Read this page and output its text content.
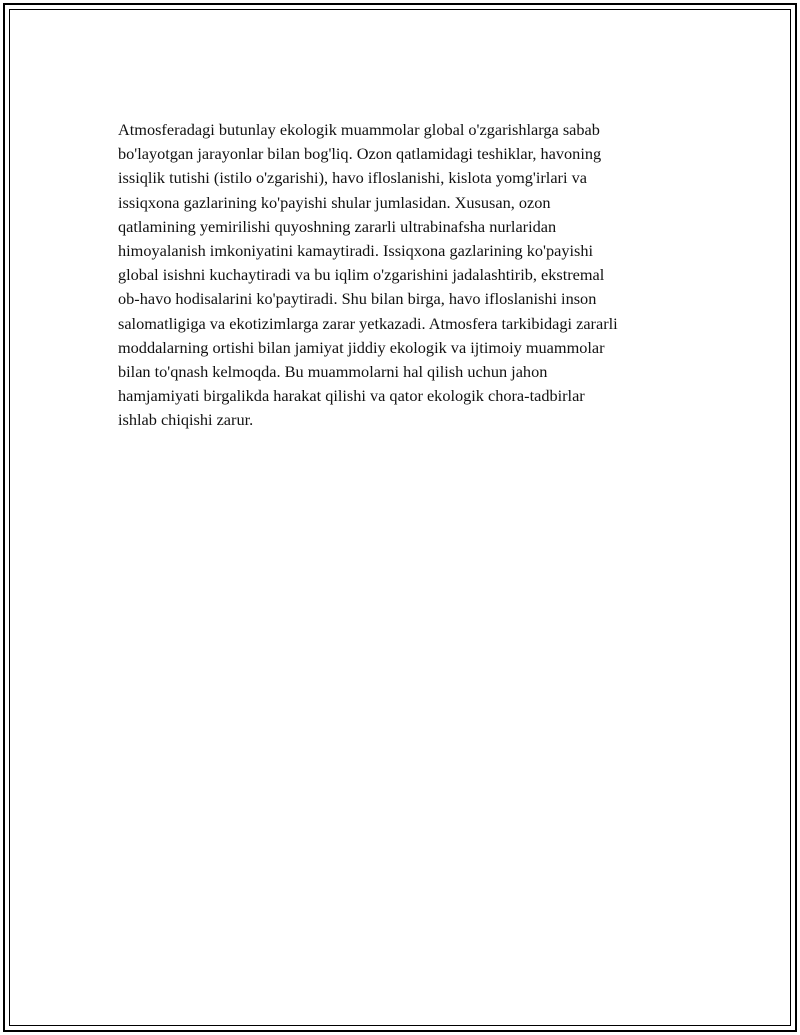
Atmosferadagi butunlay ekologik muammolar global o'zgarishlarga sabab
bo'layotgan jarayonlar bilan bog'liq. Ozon qatlamidagi teshiklar, havoning
issiqlik tutishi (istilo o'zgarishi), havo ifloslanishi, kislota yomg'irlari va
issiqxona gazlarining ko'payishi shular jumlasidan. Xususan, ozon
qatlamining yemirilishi quyoshning zararli ultrabinafsha nurlaridan
himoyalanish imkoniyatini kamaytiradi. Issiqxona gazlarining ko'payishi
global isishni kuchaytiradi va bu iqlim o'zgarishini jadalashtirib, ekstremal
ob-havo hodisalarini ko'paytiradi. Shu bilan birga, havo ifloslanishi inson
salomatligiga va ekotizimlarga zarar yetkazadi. Atmosfera tarkibidagi zararli
moddalarning ortishi bilan jamiyat jiddiy ekologik va ijtimoiy muammolar
bilan to'qnash kelmoqda. Bu muammolarni hal qilish uchun jahon
hamjamiyati birgalikda harakat qilishi va qator ekologik chora-tadbirlar
ishlab chiqishi zarur.
